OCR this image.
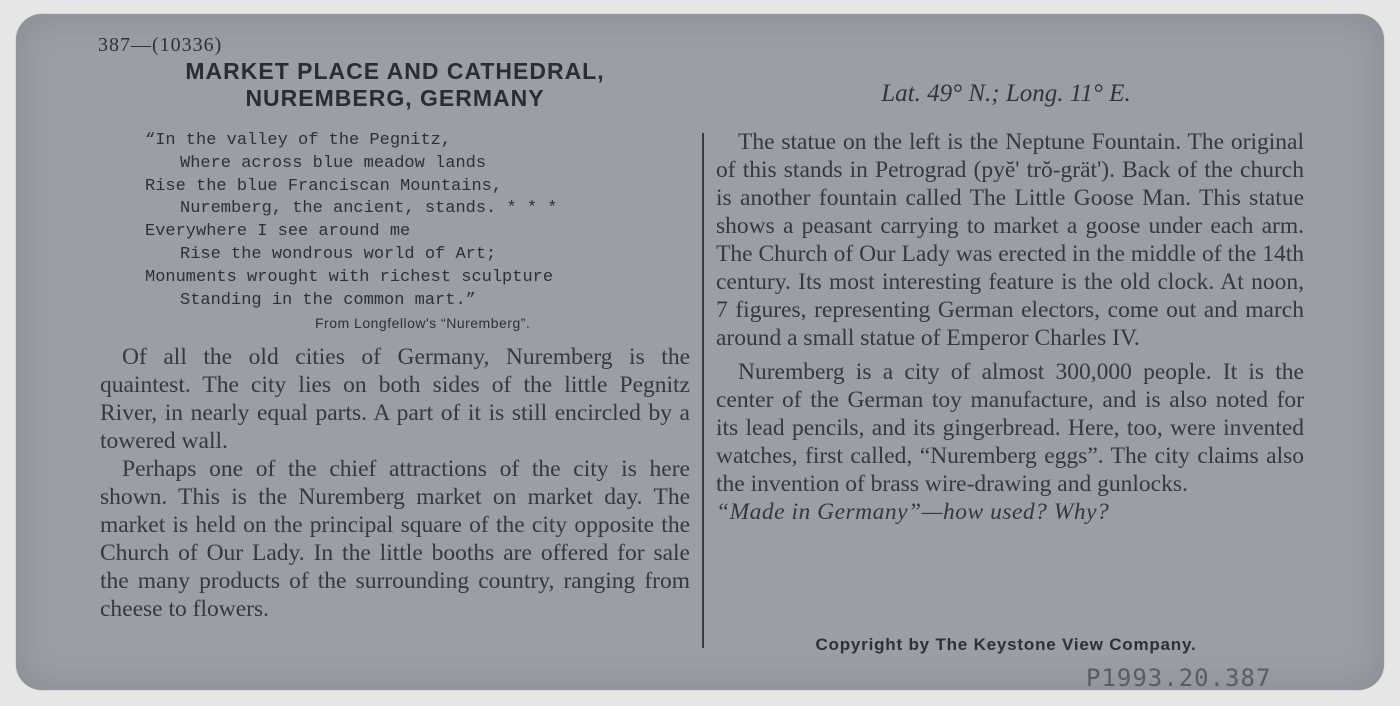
387—(10336)
MARKET PLACE AND CATHEDRAL,
NUREMBERG, GERMANY	Lat. 49° N.; Long. 11° E.
“In the valley of the Pegnitz,
Where across blue meadow lands
Rise the blue Franciscan Mountains,
Nuremberg, the ancient, stands. * * *
Everywhere I see around me
Rise the wondrous world of Art;
Monuments wrought with richest sculpture
Standing in the common mart.”
From Longfellow's “Nuremberg”.

Of all the old cities of Germany, Nuremberg is the quaintest. The city lies on both sides of the little Pegnitz River, in nearly equal parts. A part of it is still encircled by a towered wall.

Perhaps one of the chief attractions of the city is here shown. This is the Nuremberg market on market day. The market is held on the principal square of the city opposite the Church of Our Lady. In the little booths are offered for sale the many products of the surrounding country, ranging from cheese to flowers.

The statue on the left is the Neptune Fountain. The original of this stands in Petrograd (pyĕ' trŏ-grät'). Back of the church is another fountain called The Little Goose Man. This statue shows a peasant carrying to market a goose under each arm. The Church of Our Lady was erected in the middle of the 14th century. Its most interesting feature is the old clock. At noon, 7 figures, representing German electors, come out and march around a small statue of Emperor Charles IV.

Nuremberg is a city of almost 300,000 people. It is the center of the German toy manufacture, and is also noted for its lead pencils, and its gingerbread. Here, too, were invented watches, first called, “Nuremberg eggs”. The city claims also the invention of brass wire-drawing and gunlocks.

“Made in Germany”—how used? Why?

Copyright by The Keystone View Company.
P1993.20.387
